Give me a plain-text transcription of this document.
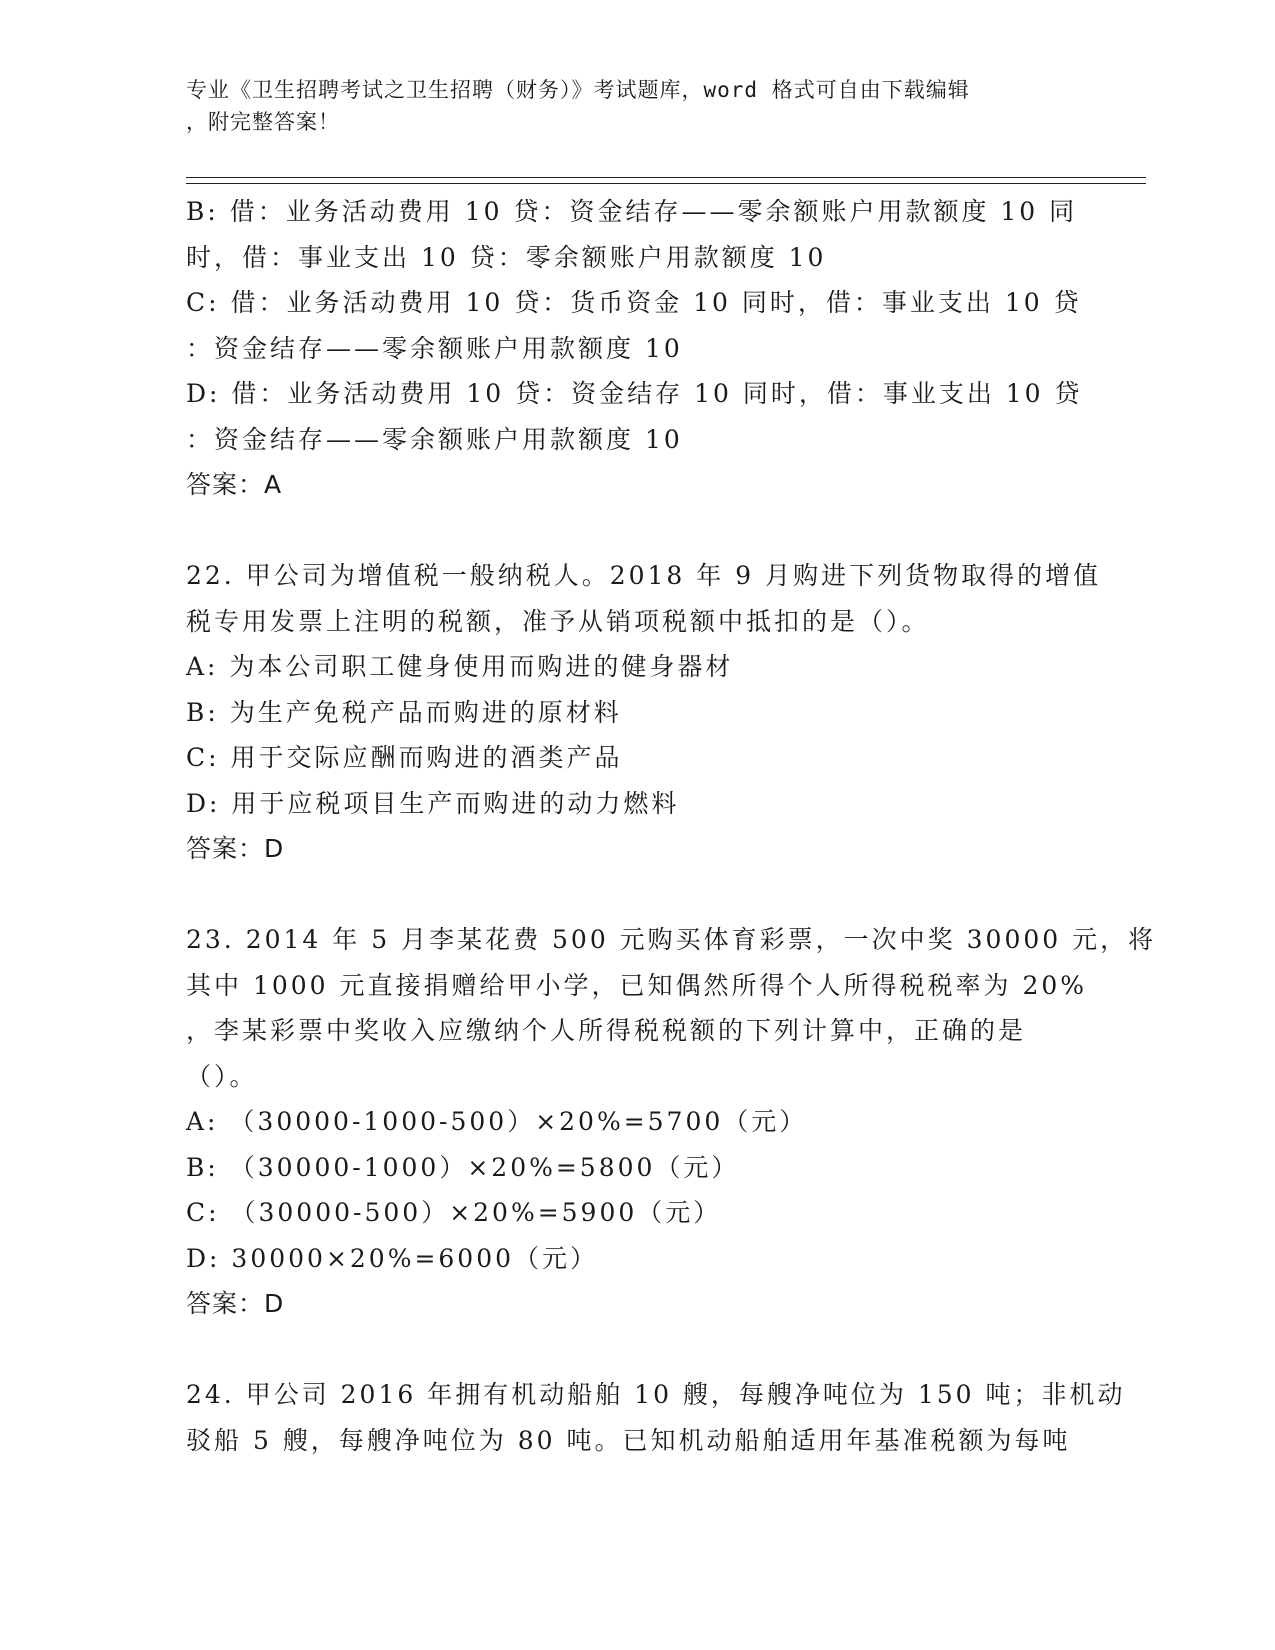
专业《卫生招聘考试之卫生招聘（财务）》考试题库，word 格式可自由下载编辑
，附完整答案！
B: 借：业务活动费用 10 贷：资金结存——零余额账户用款额度 10 同
时，借：事业支出 10 贷：零余额账户用款额度 10
C: 借：业务活动费用 10 贷：货币资金 10 同时，借：事业支出 10 贷
：资金结存——零余额账户用款额度 10
D: 借：业务活动费用 10 贷：资金结存 10 同时，借：事业支出 10 贷
：资金结存——零余额账户用款额度 10
答案：A
22. 甲公司为增值税一般纳税人。2018 年 9 月购进下列货物取得的增值
税专用发票上注明的税额，准予从销项税额中抵扣的是（）。
A: 为本公司职工健身使用而购进的健身器材
B: 为生产免税产品而购进的原材料
C: 用于交际应酬而购进的酒类产品
D: 用于应税项目生产而购进的动力燃料
答案：D
23. 2014 年 5 月李某花费 500 元购买体育彩票，一次中奖 30000 元，将
其中 1000 元直接捐赠给甲小学，已知偶然所得个人所得税税率为 20%
，李某彩票中奖收入应缴纳个人所得税税额的下列计算中，正确的是
（）。
A: （30000-1000-500）×20%=5700（元）
B: （30000-1000）×20%=5800（元）
C: （30000-500）×20%=5900（元）
D: 30000×20%=6000（元）
答案：D
24. 甲公司 2016 年拥有机动船舶 10 艘，每艘净吨位为 150 吨；非机动
驳船 5 艘，每艘净吨位为 80 吨。已知机动船舶适用年基准税额为每吨
